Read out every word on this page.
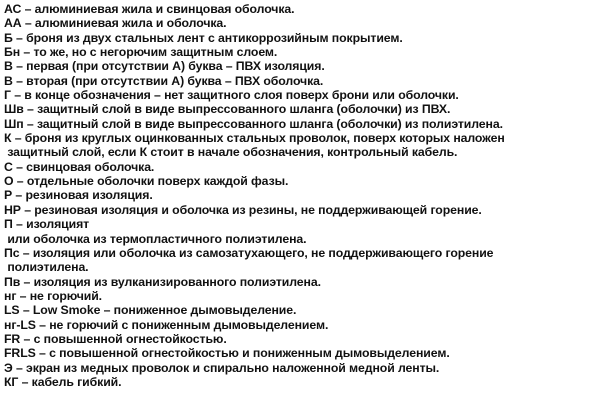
АС – алюминиевая жила и свинцовая оболочка.
АА – алюминиевая жила и оболочка.
Б – броня из двух стальных лент с антикоррозийным покрытием.
Бн – то же, но с негорючим защитным слоем.
В – первая (при отсутствии А) буква – ПВХ изоляция.
В – вторая (при отсутствии А) буква – ПВХ оболочка.
Г – в конце обозначения – нет защитного слоя поверх брони или оболочки.
Шв – защитный слой в виде выпрессованного шланга (оболочки) из ПВХ.
Шп – защитный слой в виде выпрессованного шланга (оболочки) из полиэтилена.
К – броня из круглых оцинкованных стальных проволок, поверх которых наложен
защитный слой, если К стоит в начале обозначения, контрольный кабель.
С – свинцовая оболочка.
О – отдельные оболочки поверх каждой фазы.
Р – резиновая изоляция.
НР – резиновая изоляция и оболочка из резины, не поддерживающей горение.
П – изоляцият
или оболочка из термопластичного полиэтилена.
Пс – изоляция или оболочка из самозатухающего, не поддерживающего горение
полиэтилена.
Пв – изоляция из вулканизированного полиэтилена.
нг – не горючий.
LS – Low Smoke – пониженное дымовыделение.
нг-LS – не горючий с пониженным дымовыделением.
FR – с повышенной огнестойкостью.
FRLS – с повышенной огнестойкостью и пониженным дымовыделением.
Э – экран из медных проволок и спирально наложенной медной ленты.
КГ – кабель гибкий.
